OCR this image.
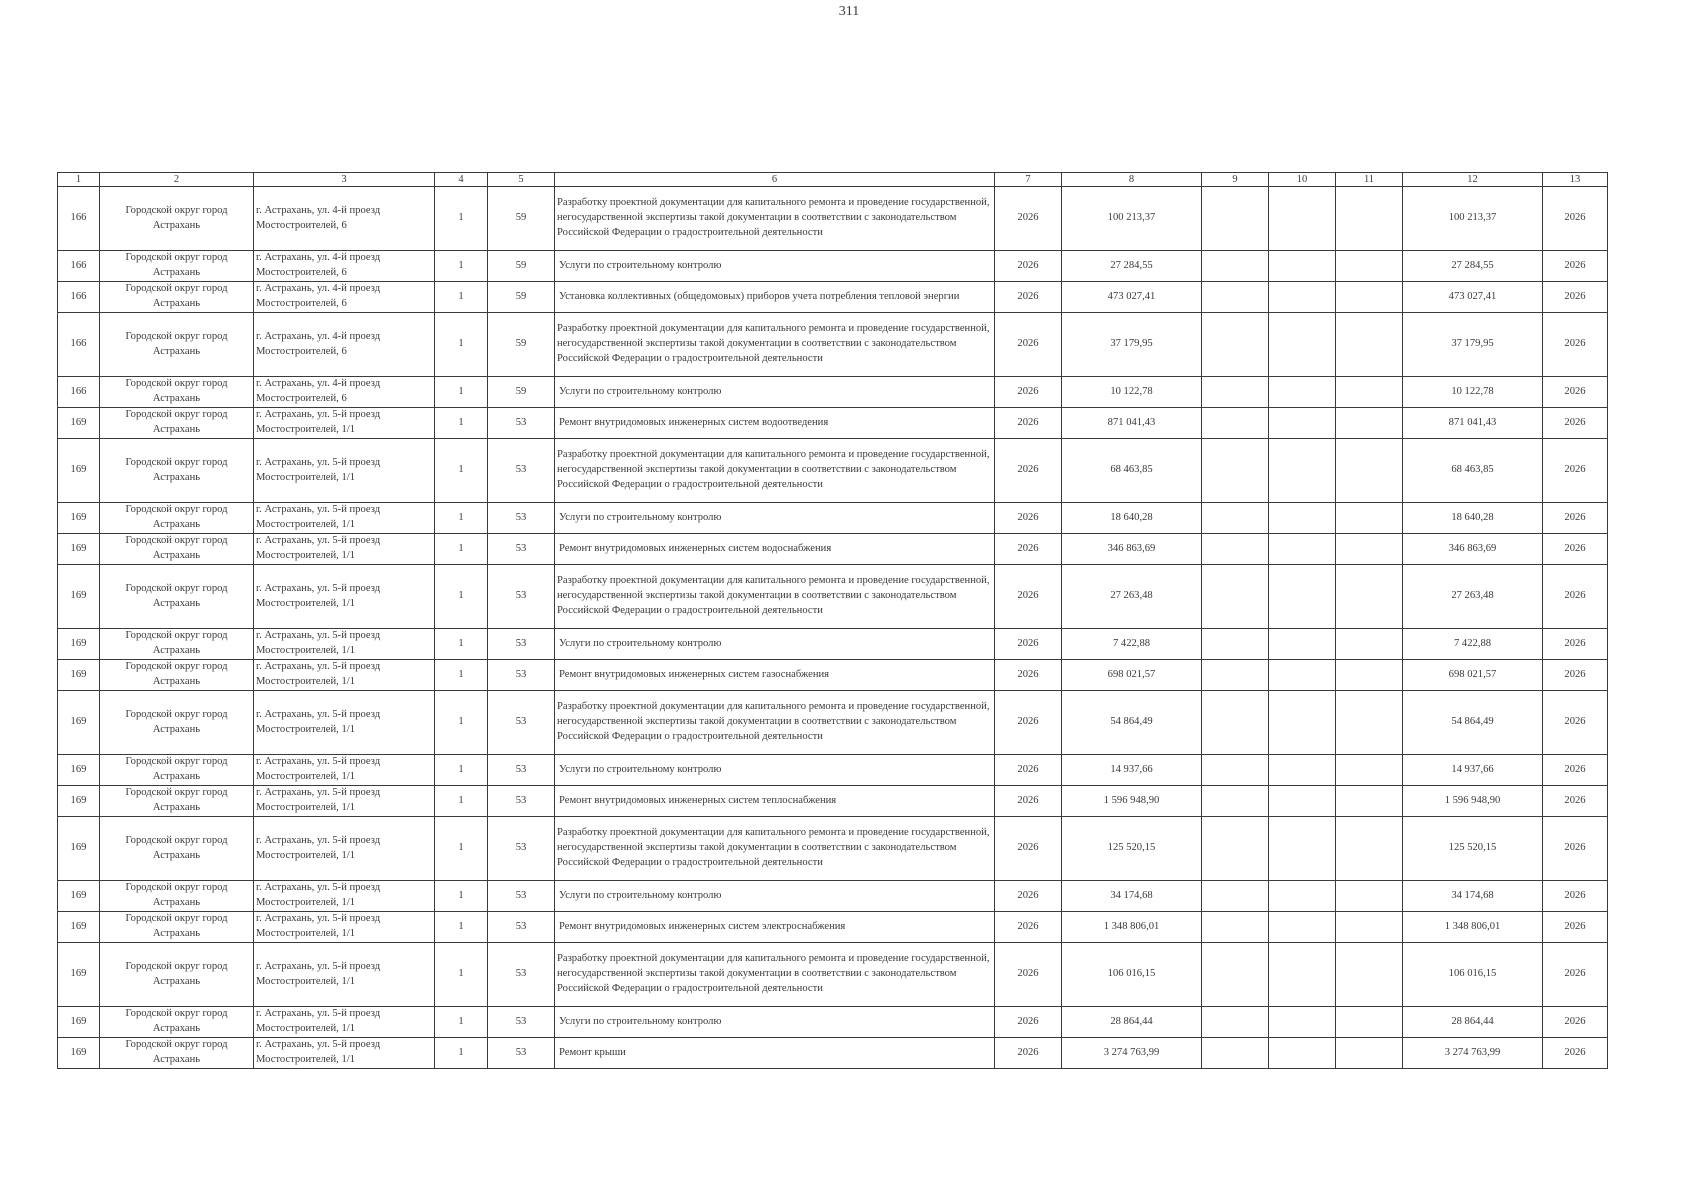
311
1	2	3	4	5	6	7	8	9	10	11	12	13
166	Городской округ город Астрахань	г. Астрахань, ул. 4-й проезд Мостостроителей, 6	1	59	Разработку проектной документации для капитального ремонта и проведение государственной, негосударственной экспертизы такой документации в соответствии с законодательством Российской Федерации о градостроительной деятельности	2026	100 213,37				100 213,37	2026
166	Городской округ город Астрахань	г. Астрахань, ул. 4-й проезд Мостостроителей, 6	1	59	Услуги по строительному контролю	2026	27 284,55				27 284,55	2026
166	Городской округ город Астрахань	г. Астрахань, ул. 4-й проезд Мостостроителей, 6	1	59	Установка коллективных (общедомовых) приборов учета потребления тепловой энергии	2026	473 027,41				473 027,41	2026
166	Городской округ город Астрахань	г. Астрахань, ул. 4-й проезд Мостостроителей, 6	1	59	Разработку проектной документации для капитального ремонта и проведение государственной, негосударственной экспертизы такой документации в соответствии с законодательством Российской Федерации о градостроительной деятельности	2026	37 179,95				37 179,95	2026
166	Городской округ город Астрахань	г. Астрахань, ул. 4-й проезд Мостостроителей, 6	1	59	Услуги по строительному контролю	2026	10 122,78				10 122,78	2026
169	Городской округ город Астрахань	г. Астрахань, ул. 5-й проезд Мостостроителей, 1/1	1	53	Ремонт внутридомовых инженерных систем водоотведения	2026	871 041,43				871 041,43	2026
169	Городской округ город Астрахань	г. Астрахань, ул. 5-й проезд Мостостроителей, 1/1	1	53	Разработку проектной документации для капитального ремонта и проведение государственной, негосударственной экспертизы такой документации в соответствии с законодательством Российской Федерации о градостроительной деятельности	2026	68 463,85				68 463,85	2026
169	Городской округ город Астрахань	г. Астрахань, ул. 5-й проезд Мостостроителей, 1/1	1	53	Услуги по строительному контролю	2026	18 640,28				18 640,28	2026
169	Городской округ город Астрахань	г. Астрахань, ул. 5-й проезд Мостостроителей, 1/1	1	53	Ремонт внутридомовых инженерных систем водоснабжения	2026	346 863,69				346 863,69	2026
169	Городской округ город Астрахань	г. Астрахань, ул. 5-й проезд Мостостроителей, 1/1	1	53	Разработку проектной документации для капитального ремонта и проведение государственной, негосударственной экспертизы такой документации в соответствии с законодательством Российской Федерации о градостроительной деятельности	2026	27 263,48				27 263,48	2026
169	Городской округ город Астрахань	г. Астрахань, ул. 5-й проезд Мостостроителей, 1/1	1	53	Услуги по строительному контролю	2026	7 422,88				7 422,88	2026
169	Городской округ город Астрахань	г. Астрахань, ул. 5-й проезд Мостостроителей, 1/1	1	53	Ремонт внутридомовых инженерных систем газоснабжения	2026	698 021,57				698 021,57	2026
169	Городской округ город Астрахань	г. Астрахань, ул. 5-й проезд Мостостроителей, 1/1	1	53	Разработку проектной документации для капитального ремонта и проведение государственной, негосударственной экспертизы такой документации в соответствии с законодательством Российской Федерации о градостроительной деятельности	2026	54 864,49				54 864,49	2026
169	Городской округ город Астрахань	г. Астрахань, ул. 5-й проезд Мостостроителей, 1/1	1	53	Услуги по строительному контролю	2026	14 937,66				14 937,66	2026
169	Городской округ город Астрахань	г. Астрахань, ул. 5-й проезд Мостостроителей, 1/1	1	53	Ремонт внутридомовых инженерных систем теплоснабжения	2026	1 596 948,90				1 596 948,90	2026
169	Городской округ город Астрахань	г. Астрахань, ул. 5-й проезд Мостостроителей, 1/1	1	53	Разработку проектной документации для капитального ремонта и проведение государственной, негосударственной экспертизы такой документации в соответствии с законодательством Российской Федерации о градостроительной деятельности	2026	125 520,15				125 520,15	2026
169	Городской округ город Астрахань	г. Астрахань, ул. 5-й проезд Мостостроителей, 1/1	1	53	Услуги по строительному контролю	2026	34 174,68				34 174,68	2026
169	Городской округ город Астрахань	г. Астрахань, ул. 5-й проезд Мостостроителей, 1/1	1	53	Ремонт внутридомовых инженерных систем электроснабжения	2026	1 348 806,01				1 348 806,01	2026
169	Городской округ город Астрахань	г. Астрахань, ул. 5-й проезд Мостостроителей, 1/1	1	53	Разработку проектной документации для капитального ремонта и проведение государственной, негосударственной экспертизы такой документации в соответствии с законодательством Российской Федерации о градостроительной деятельности	2026	106 016,15				106 016,15	2026
169	Городской округ город Астрахань	г. Астрахань, ул. 5-й проезд Мостостроителей, 1/1	1	53	Услуги по строительному контролю	2026	28 864,44				28 864,44	2026
169	Городской округ город Астрахань	г. Астрахань, ул. 5-й проезд Мостостроителей, 1/1	1	53	Ремонт крыши	2026	3 274 763,99				3 274 763,99	2026
